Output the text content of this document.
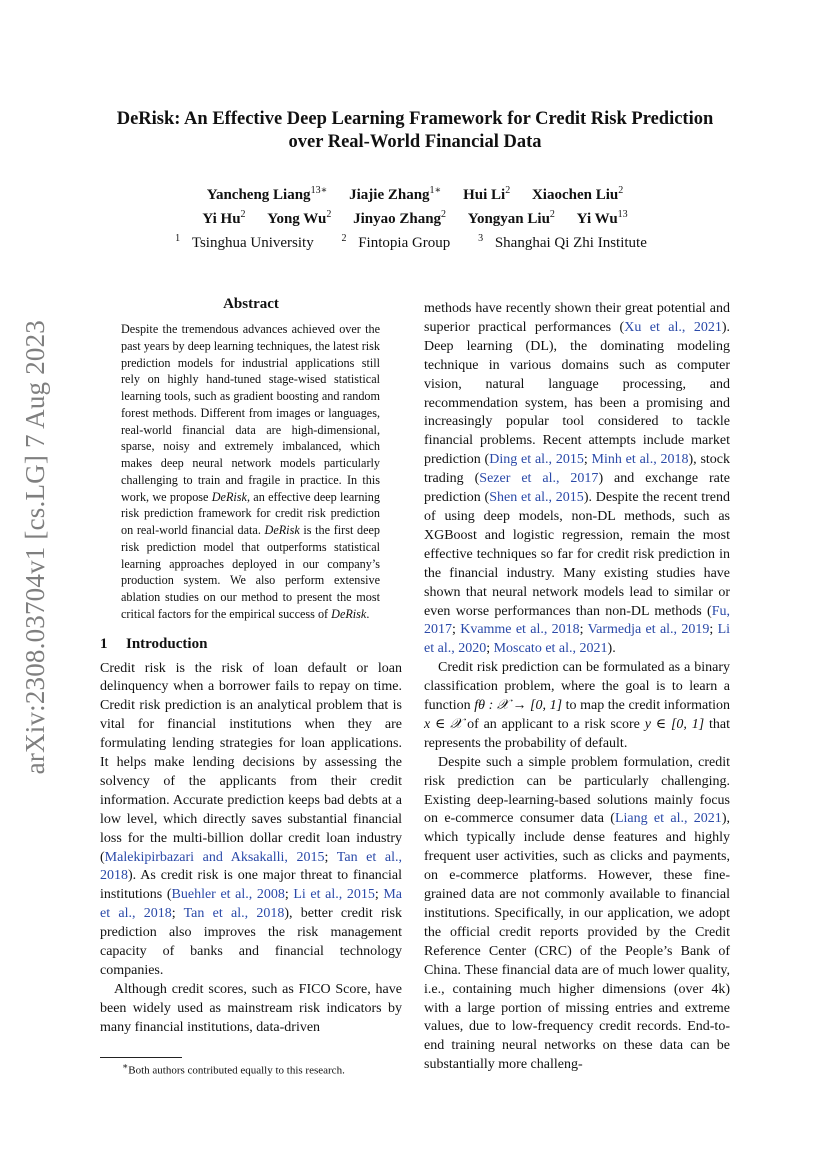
arXiv:2308.03704v1 [cs.LG] 7 Aug 2023
DeRisk: An Effective Deep Learning Framework for Credit Risk Prediction over Real-World Financial Data
Yancheng Liang$^{13∗}$ Jiajie Zhang$^{1∗}$ Hui Li$^2$ Xiaochen Liu$^2$
Yi Hu$^2$ Yong Wu$^2$ Jinyao Zhang$^2$ Yongyan Liu$^2$ Yi Wu$^{13}$
$^1$ Tsinghua University	$^2$ Fintopia Group	$^3$ Shanghai Qi Zhi Institute
Abstract
Despite the tremendous advances achieved over the past years by deep learning techniques, the latest risk prediction models for industrial applications still rely on highly hand-tuned stage-wised statistical learning tools, such as gradient boosting and random forest methods. Different from images or languages, real-world financial data are high-dimensional, sparse, noisy and extremely imbalanced, which makes deep neural network models particularly challenging to train and fragile in practice. In this work, we propose DeRisk, an effective deep learning risk prediction framework for credit risk prediction on real-world financial data. DeRisk is the first deep risk prediction model that outperforms statistical learning approaches deployed in our company’s production system. We also perform extensive ablation studies on our method to present the most critical factors for the empirical success of DeRisk.
1 Introduction

Credit risk is the risk of loan default or loan delinquency when a borrower fails to repay on time. Credit risk prediction is an analytical problem that is vital for financial institutions when they are formulating lending strategies for loan applications. It helps make lending decisions by assessing the solvency of the applicants from their credit information. Accurate prediction keeps bad debts at a low level, which directly saves substantial financial loss for the multi-billion dollar credit loan industry (Malekipirbazari and Aksakalli, 2015; Tan et al., 2018). As credit risk is one major threat to financial institutions (Buehler et al., 2008; Li et al., 2015; Ma et al., 2018; Tan et al., 2018), better credit risk prediction also improves the risk management capacity of banks and financial technology companies.

Although credit scores, such as FICO Score, have been widely used as mainstream risk indicators by many financial institutions, data-driven

methods have recently shown their great potential and superior practical performances (Xu et al., 2021). Deep learning (DL), the dominating modeling technique in various domains such as computer vision, natural language processing, and recommendation system, has been a promising and increasingly popular tool considered to tackle financial problems. Recent attempts include market prediction (Ding et al., 2015; Minh et al., 2018), stock trading (Sezer et al., 2017) and exchange rate prediction (Shen et al., 2015). Despite the recent trend of using deep models, non-DL methods, such as XGBoost and logistic regression, remain the most effective techniques so far for credit risk prediction in the financial industry. Many existing studies have shown that neural network models lead to similar or even worse performances than non-DL methods (Fu, 2017; Kvamme et al., 2018; Varmedja et al., 2019; Li et al., 2020; Moscato et al., 2021).

Credit risk prediction can be formulated as a binary classification problem, where the goal is to learn a function fθ : 𝒳 → [0, 1] to map the credit information x ∈ 𝒳 of an applicant to a risk score y ∈ [0, 1] that represents the probability of default.

Despite such a simple problem formulation, credit risk prediction can be particularly challenging. Existing deep-learning-based solutions mainly focus on e-commerce consumer data (Liang et al., 2021), which typically include dense features and highly frequent user activities, such as clicks and payments, on e-commerce platforms. However, these fine-grained data are not commonly available to financial institutions. Specifically, in our application, we adopt the official credit reports provided by the Credit Reference Center (CRC) of the People’s Bank of China. These financial data are of much lower quality, i.e., containing much higher dimensions (over 4k) with a large portion of missing entries and extreme values, due to low-frequency credit records. End-to-end training neural networks on these data can be substantially more challeng-

∗Both authors contributed equally to this research.
